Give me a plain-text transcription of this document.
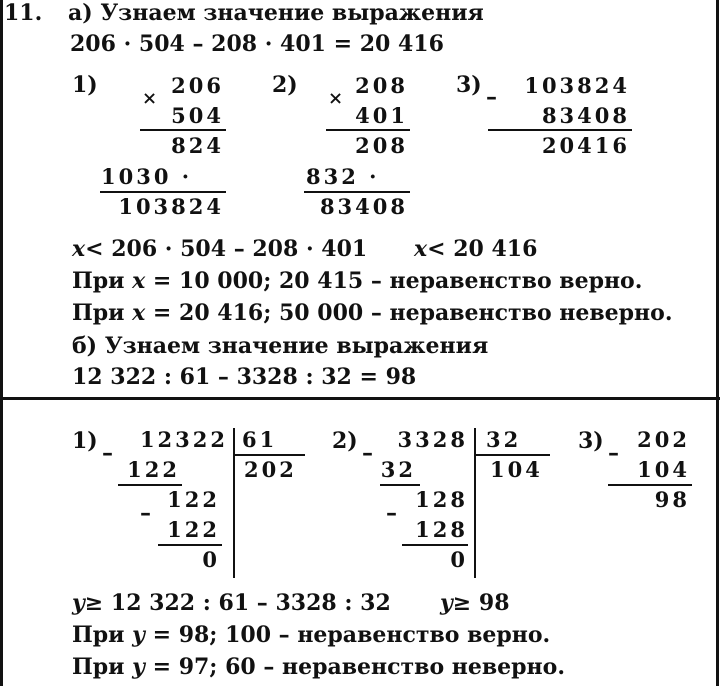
11. а) Узнаем значение выражения
206 · 504 – 208 · 401 = 20 416
1)
×
206
504
824
1030 ·
103824
2)
×
208
401
208
832 ·
83408
3) –	103824
83408
20416
x< 206 · 504 – 208 · 401 x< 20 416
При x = 10 000; 20 415 – неравенство верно.
При x = 20 416; 50 000 – неравенство неверно.
б) Узнаем значение выражения
12 322 : 61 – 3328 : 32 = 98
1) –
12322 61
202
122
–
122
122
0
2) –
3328 32
104
32
–
128
128
0
3) –
202
104
98
y≥ 12 322 : 61 – 3328 : 32 y≥ 98
При y = 98; 100 – неравенство верно.
При y = 97; 60 – неравенство неверно.
